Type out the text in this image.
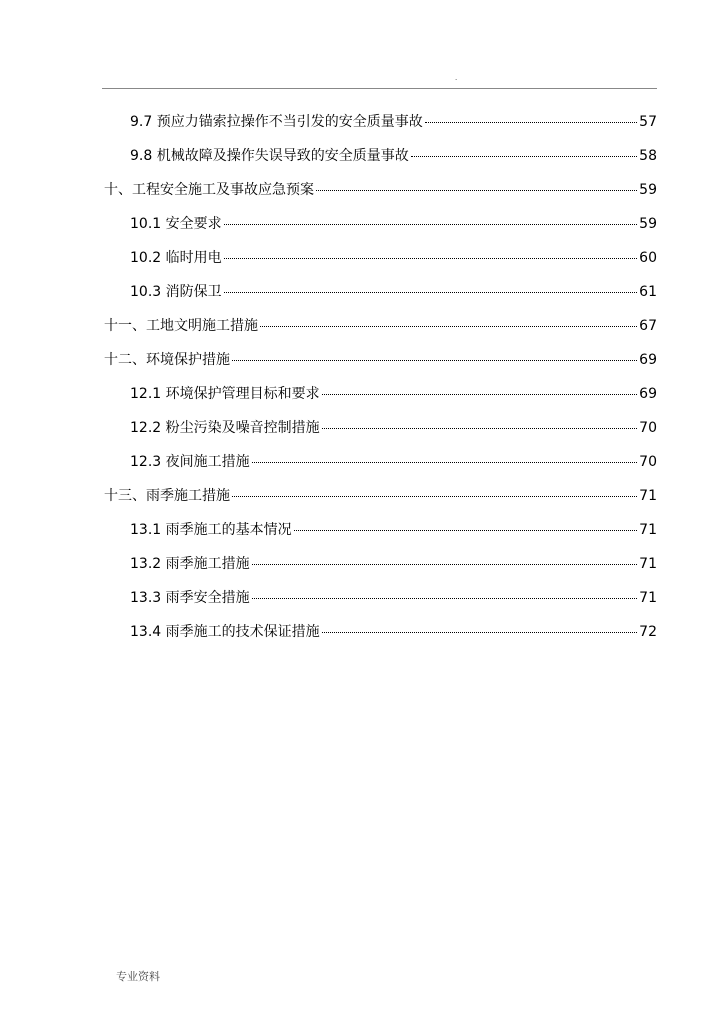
.
9.7 预应力锚索拉操作不当引发的安全质量事故	57
9.8 机械故障及操作失误导致的安全质量事故	58
十、工程安全施工及事故应急预案	59
10.1 安全要求	59
10.2 临时用电	60
10.3 消防保卫	61
十一、工地文明施工措施	67
十二、环境保护措施	69
12.1 环境保护管理目标和要求	69
12.2 粉尘污染及噪音控制措施	70
12.3 夜间施工措施	70
十三、雨季施工措施	71
13.1 雨季施工的基本情况	71
13.2 雨季施工措施	71
13.3 雨季安全措施	71
13.4 雨季施工的技术保证措施	72
专业资料
